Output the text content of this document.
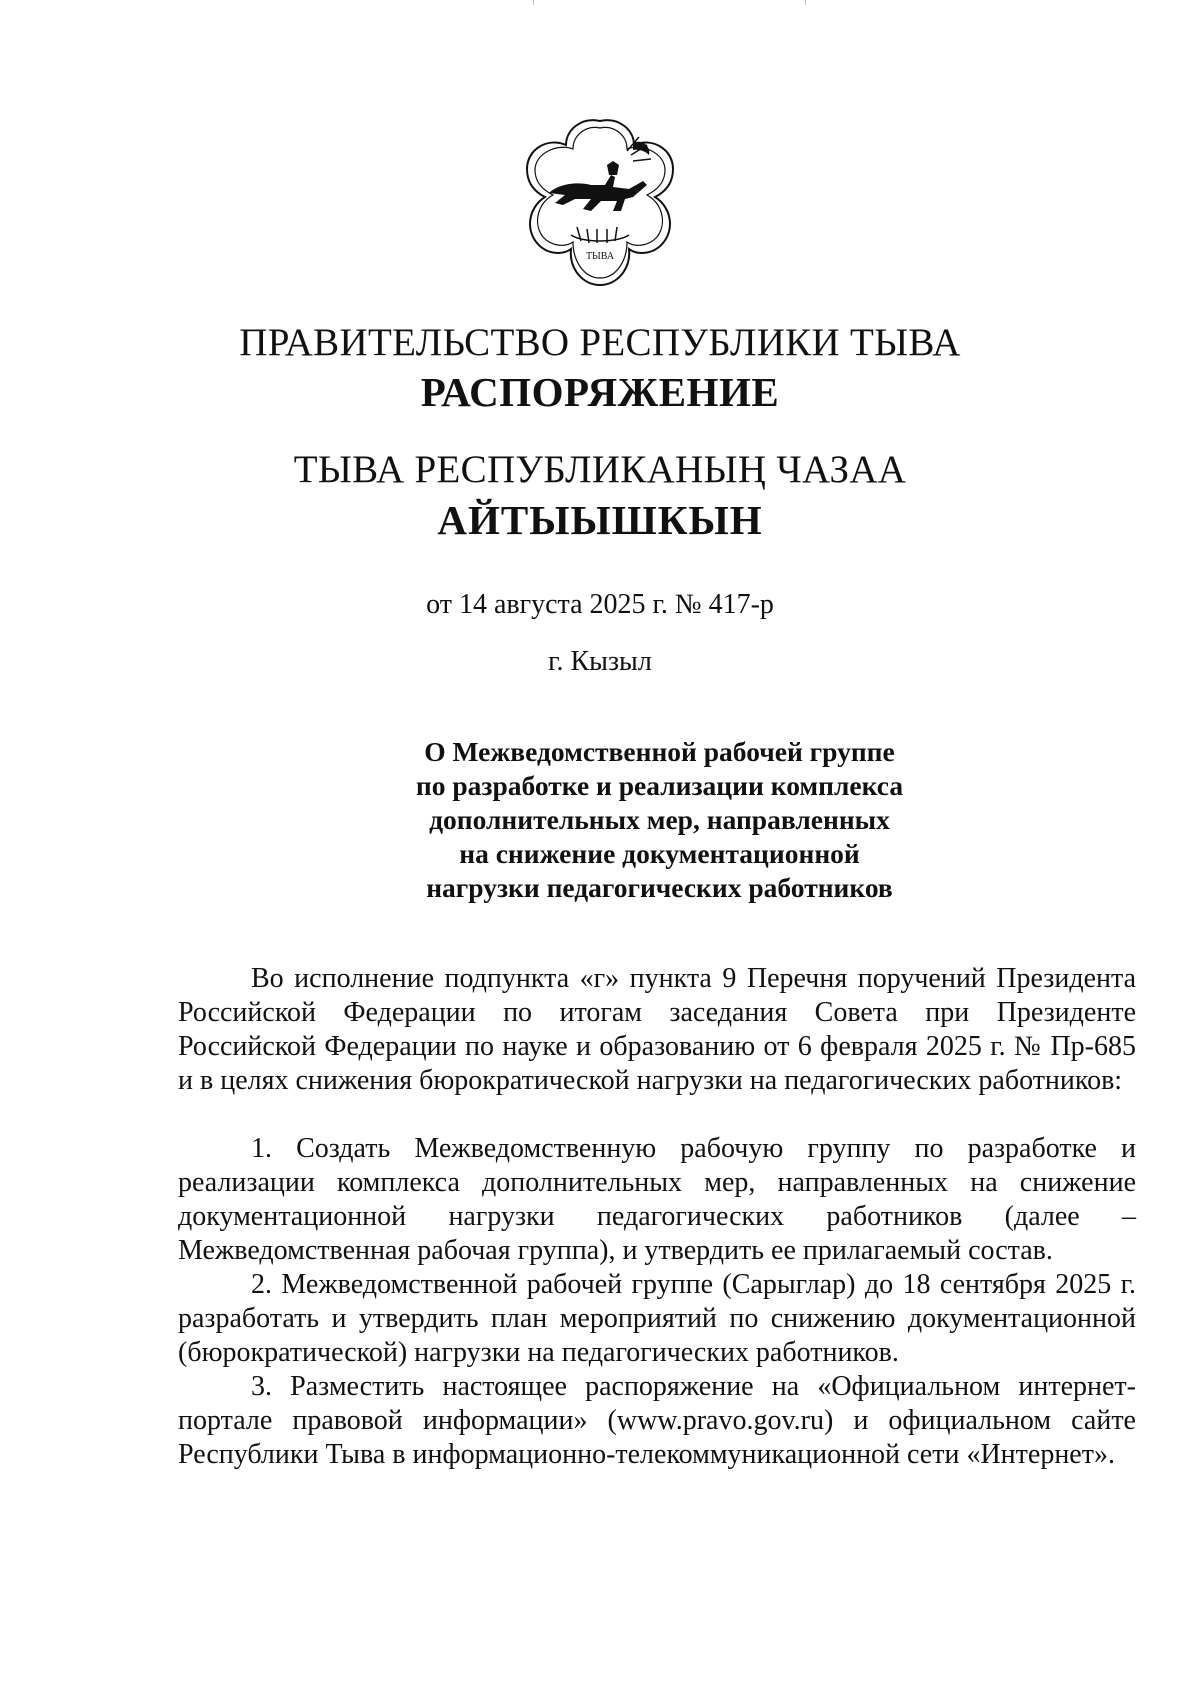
ТЫВА
ПРАВИТЕЛЬСТВО РЕСПУБЛИКИ ТЫВА
РАСПОРЯЖЕНИЕ
ТЫВА РЕСПУБЛИКАНЫҢ ЧАЗАА
АЙТЫЫШКЫН
от 14 августа 2025 г. № 417-р
г. Кызыл
О Межведомственной рабочей группе
по разработке и реализации комплекса
дополнительных мер, направленных
на снижение документационной
нагрузки педагогических работников

Во исполнение подпункта «г» пункта 9 Перечня поручений Президента Российской Федерации по итогам заседания Совета при Президенте Российской Федерации по науке и образованию от 6 февраля 2025 г. № Пр-685 и в целях снижения бюрократической нагрузки на педагогических работников:

1. Создать Межведомственную рабочую группу по разработке и реализации комплекса дополнительных мер, направленных на снижение документационной нагрузки педагогических работников (далее – Межведомственная рабочая группа), и утвердить ее прилагаемый состав.

2. Межведомственной рабочей группе (Сарыглар) до 18 сентября 2025 г. разработать и утвердить план мероприятий по снижению документационной (бюрократической) нагрузки на педагогических работников.

3. Разместить настоящее распоряжение на «Официальном интернет-портале правовой информации» (www.pravo.gov.ru) и официальном сайте Республики Тыва в информационно-телекоммуникационной сети «Интернет».
